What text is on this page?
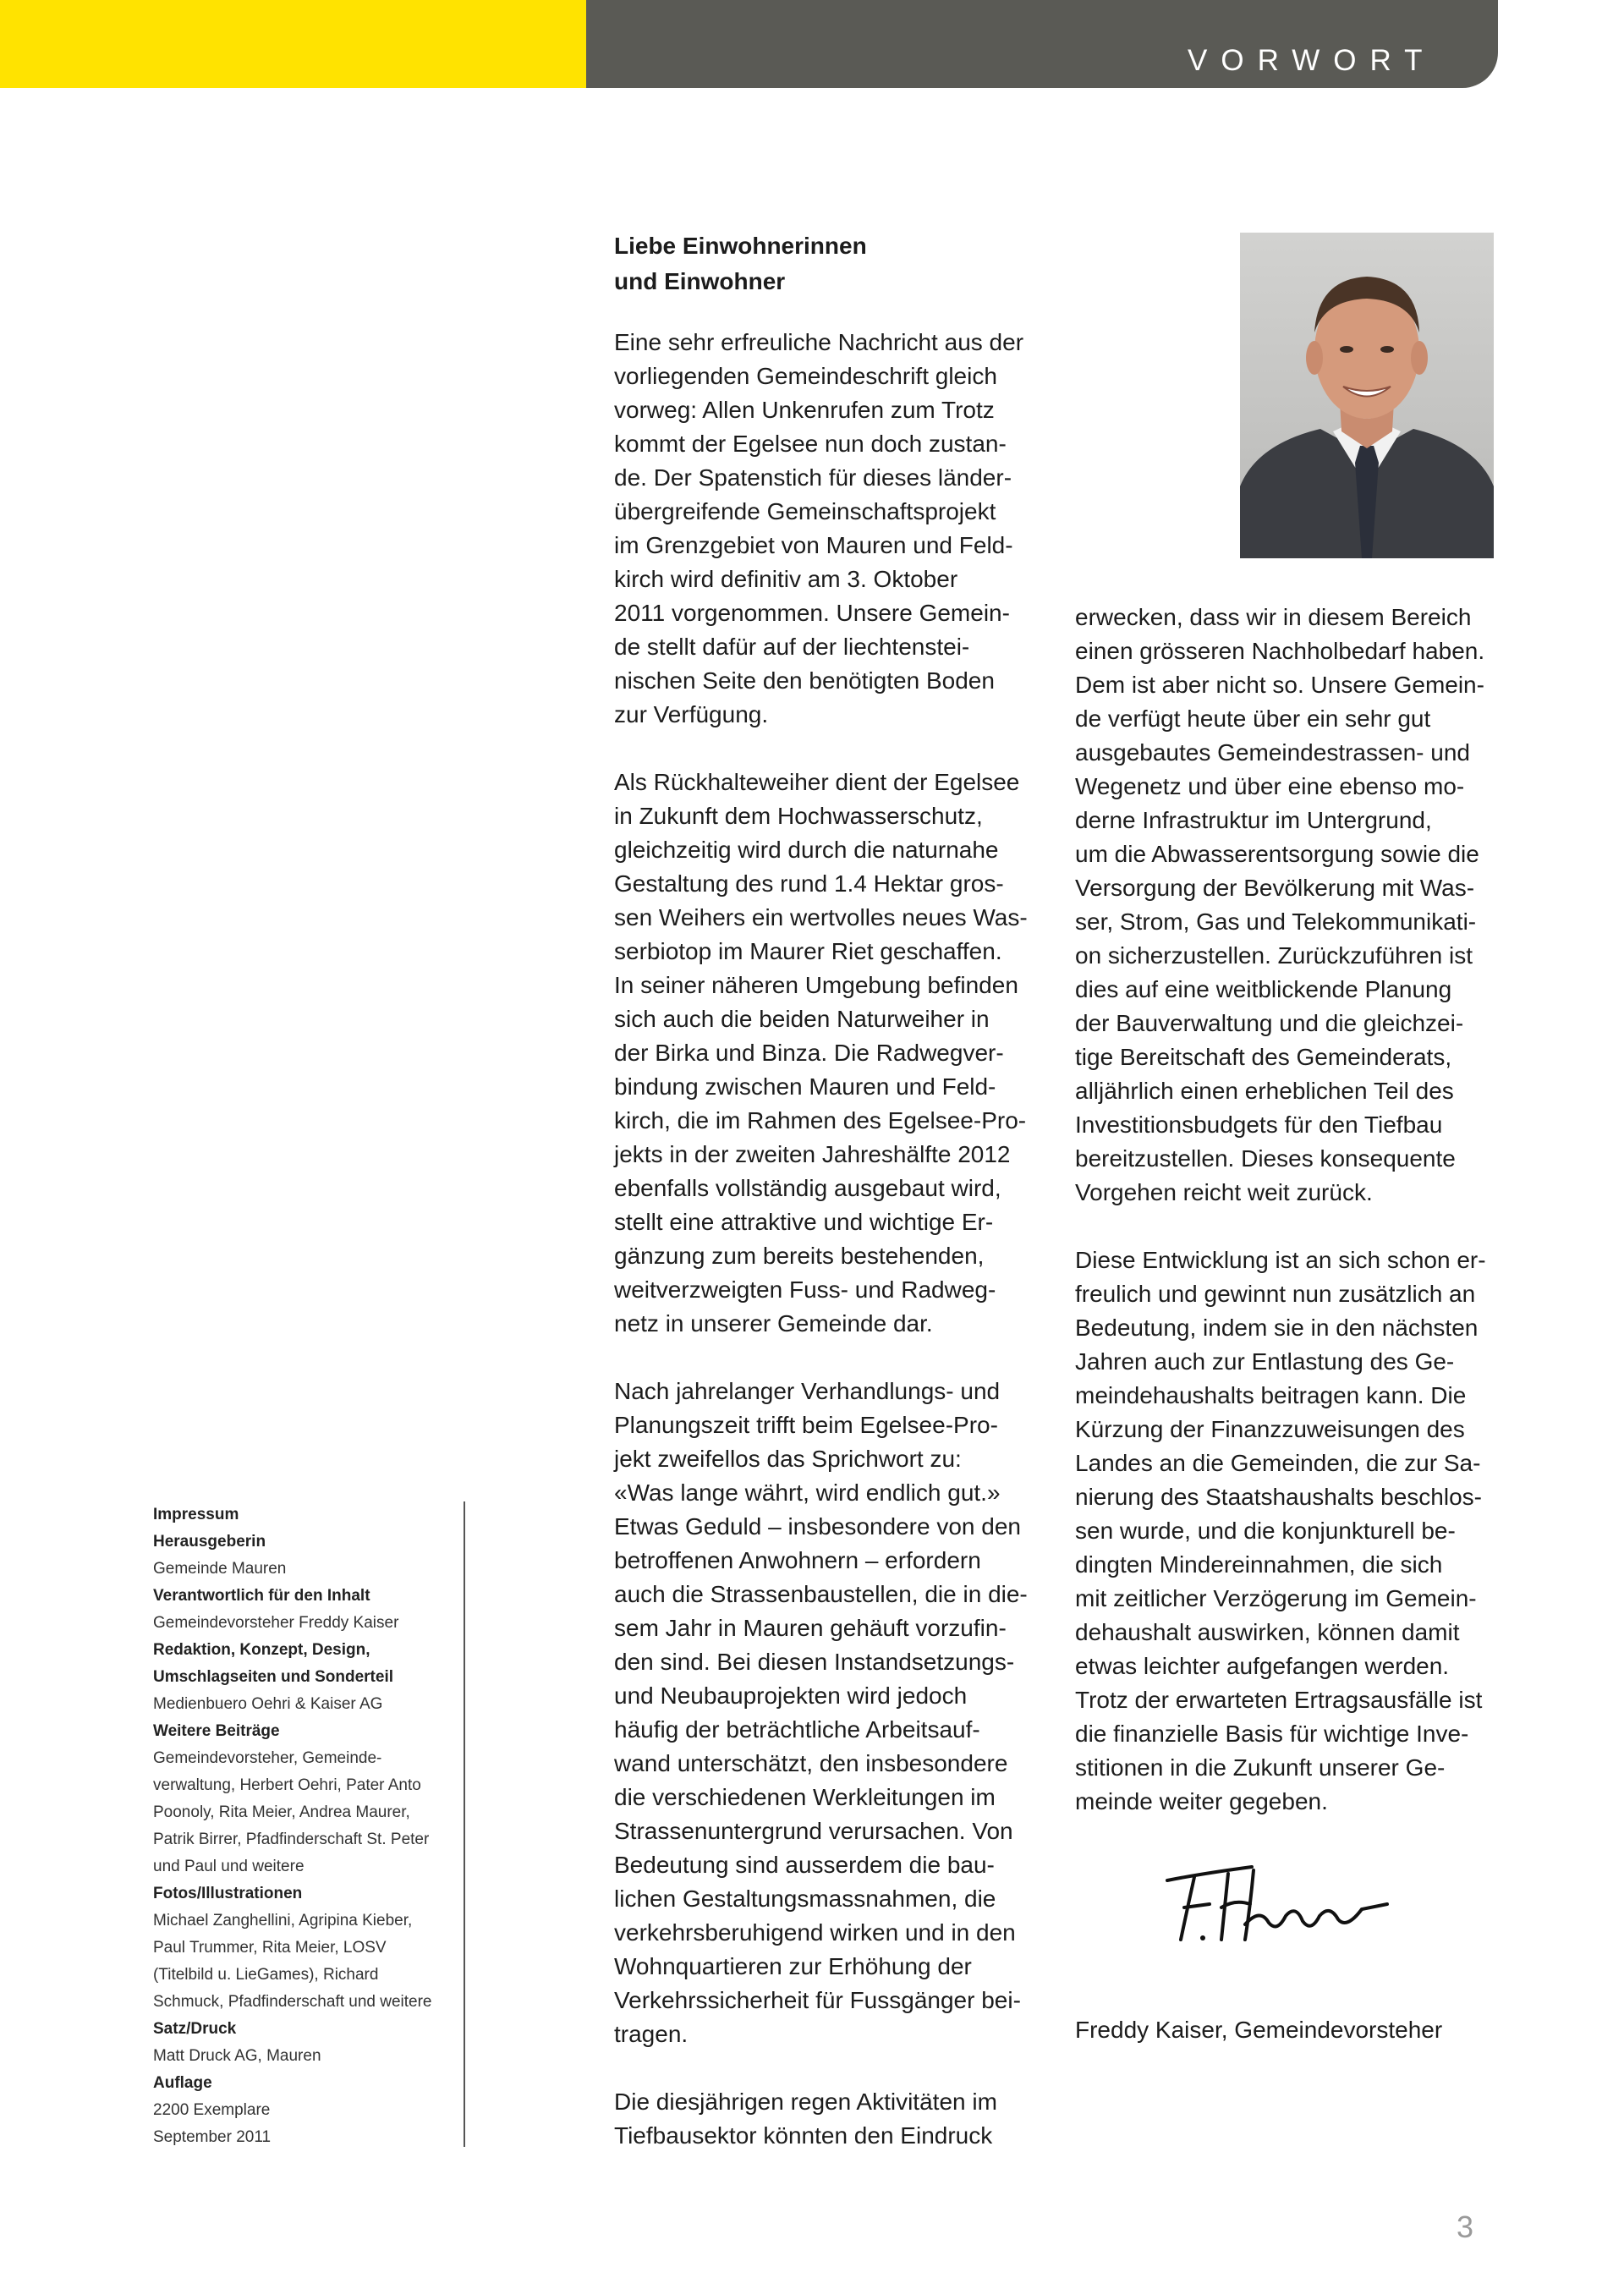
VORWORT
Liebe Einwohnerinnen
und Einwohner

Eine sehr erfreuliche Nachricht aus der
vorliegenden Gemeindeschrift gleich
vorweg: Allen Unkenrufen zum Trotz
kommt der Egelsee nun doch zustan-
de. Der Spatenstich für dieses länder-
übergreifende Gemeinschaftsprojekt
im Grenzgebiet von Mauren und Feld-
kirch wird definitiv am 3. Oktober
2011 vorgenommen. Unsere Gemein-
de stellt dafür auf der liechtenstei-
nischen Seite den benötigten Boden
zur Verfügung.

Als Rückhalteweiher dient der Egelsee
in Zukunft dem Hochwasserschutz,
gleichzeitig wird durch die naturnahe
Gestaltung des rund 1.4 Hektar gros-
sen Weihers ein wertvolles neues Was-
serbiotop im Maurer Riet geschaffen.
In seiner näheren Umgebung befinden
sich auch die beiden Naturweiher in
der Birka und Binza. Die Radwegver-
bindung zwischen Mauren und Feld-
kirch, die im Rahmen des Egelsee-Pro-
jekts in der zweiten Jahreshälfte 2012
ebenfalls vollständig ausgebaut wird,
stellt eine attraktive und wichtige Er-
gänzung zum bereits bestehenden,
weitverzweigten Fuss- und Radweg-
netz in unserer Gemeinde dar.

Nach jahrelanger Verhandlungs- und
Planungszeit trifft beim Egelsee-Pro-
jekt zweifellos das Sprichwort zu:
«Was lange währt, wird endlich gut.»
Etwas Geduld – insbesondere von den
betroffenen Anwohnern – erfordern
auch die Strassenbaustellen, die in die-
sem Jahr in Mauren gehäuft vorzufin-
den sind. Bei diesen Instandsetzungs-
und Neubauprojekten wird jedoch
häufig der beträchtliche Arbeitsauf-
wand unterschätzt, den insbesondere
die verschiedenen Werkleitungen im
Strassenuntergrund verursachen. Von
Bedeutung sind ausserdem die bau-
lichen Gestaltungsmassnahmen, die
verkehrsberuhigend wirken und in den
Wohnquartieren zur Erhöhung der
Verkehrssicherheit für Fussgänger bei-
tragen.

Die diesjährigen regen Aktivitäten im
Tiefbausektor könnten den Eindruck

erwecken, dass wir in diesem Bereich
einen grösseren Nachholbedarf haben.
Dem ist aber nicht so. Unsere Gemein-
de verfügt heute über ein sehr gut
ausgebautes Gemeindestrassen- und
Wegenetz und über eine ebenso mo-
derne Infrastruktur im Untergrund,
um die Abwasserentsorgung sowie die
Versorgung der Bevölkerung mit Was-
ser, Strom, Gas und Telekommunikati-
on sicherzustellen. Zurückzuführen ist
dies auf eine weitblickende Planung
der Bauverwaltung und die gleichzei-
tige Bereitschaft des Gemeinderats,
alljährlich einen erheblichen Teil des
Investitionsbudgets für den Tiefbau
bereitzustellen. Dieses konsequente
Vorgehen reicht weit zurück.

Diese Entwicklung ist an sich schon er-
freulich und gewinnt nun zusätzlich an
Bedeutung, indem sie in den nächsten
Jahren auch zur Entlastung des Ge-
meindehaushalts beitragen kann. Die
Kürzung der Finanzzuweisungen des
Landes an die Gemeinden, die zur Sa-
nierung des Staatshaushalts beschlos-
sen wurde, und die konjunkturell be-
dingten Mindereinnahmen, die sich
mit zeitlicher Verzögerung im Gemein-
dehaushalt auswirken, können damit
etwas leichter aufgefangen werden.
Trotz der erwarteten Ertragsausfälle ist
die finanzielle Basis für wichtige Inve-
stitionen in die Zukunft unserer Ge-
meinde weiter gegeben.

Freddy Kaiser, Gemeindevorsteher
Impressum
Herausgeberin
Gemeinde Mauren
Verantwortlich für den Inhalt
Gemeindevorsteher Freddy Kaiser
Redaktion, Konzept, Design,
Umschlagseiten und Sonderteil
Medienbuero Oehri & Kaiser AG
Weitere Beiträge
Gemeindevorsteher, Gemeinde-
verwaltung, Herbert Oehri, Pater Anto
Poonoly, Rita Meier, Andrea Maurer,
Patrik Birrer, Pfadfinderschaft St. Peter
und Paul und weitere
Fotos/Illustrationen
Michael Zanghellini, Agripina Kieber,
Paul Trummer, Rita Meier, LOSV
(Titelbild u. LieGames), Richard
Schmuck, Pfadfinderschaft und weitere
Satz/Druck
Matt Druck AG, Mauren
Auflage
2200 Exemplare
September 2011
3
